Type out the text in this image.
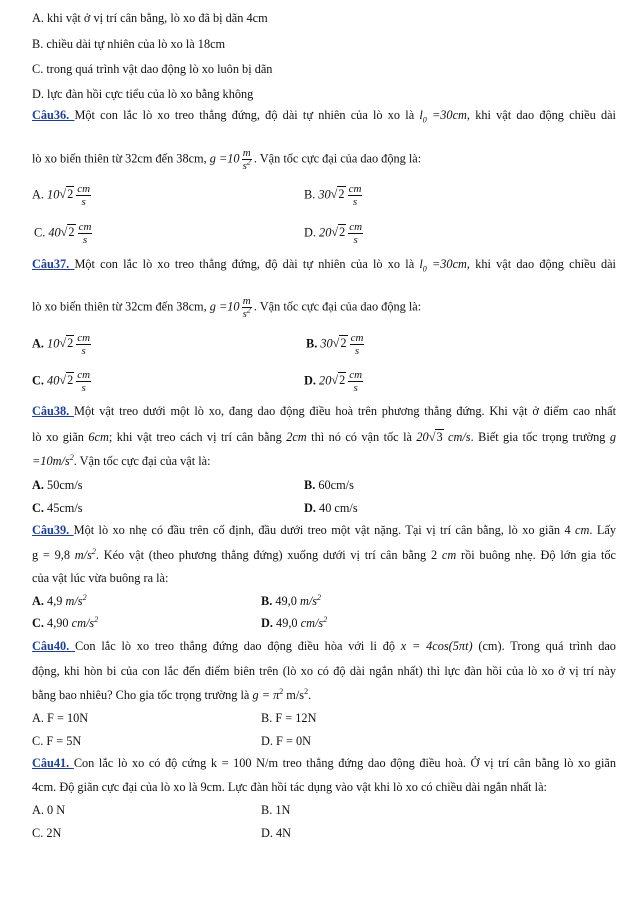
A. khi vật ở vị trí cân bằng, lò xo đã bị dãn 4cm
B. chiều dài tự nhiên của lò xo là 18cm
C. trong quá trình vật dao động lò xo luôn bị dãn
D. lực đàn hồi cực tiểu của lò xo bằng không
Câu36. Một con lắc lò xo treo thẳng đứng, độ dài tự nhiên của lò xo là $l_0 =30cm$, khi vật dao động chiều dài
lò xo biến thiên từ 32cm đến 38cm, $g =10 \frac{m}{s^2}$ . Vận tốc cực đại của dao động là:
A. $10√2 \frac{cm}{s}$	B. $30√2 \frac{cm}{s}$
C. $40√2 \frac{cm}{s}$	D. $20√2 \frac{cm}{s}$
Câu37. Một con lắc lò xo treo thẳng đứng, độ dài tự nhiên của lò xo là $l_0 =30cm$, khi vật dao động chiều dài
lò xo biến thiên từ 32cm đến 38cm, $g =10 \frac{m}{s^2}$ . Vận tốc cực đại của dao động là:
A. $10√2 \frac{cm}{s}$	B. $30√2 \frac{cm}{s}$
C. $40√2 \frac{cm}{s}$	D. $20√2 \frac{cm}{s}$
Câu38. Một vật treo dưới một lò xo, đang dao động điều hoà trên phương thẳng đứng. Khi vật ở điểm cao nhất
lò xo giãn 6cm; khi vật treo cách vị trí cân bằng 2cm thì nó có vận tốc là 20√3 cm/s. Biết gia tốc trọng trường g
$=10m/s^2$. Vận tốc cực đại của vật là:
A. 50cm/s	B. 60cm/s
C. 45cm/s	D. 40 cm/s
Câu39. Một lò xo nhẹ có đầu trên cố định, đầu dưới treo một vật nặng. Tại vị trí cân bằng, lò xo giãn 4 cm. Lấy
g = 9,8 $m/s^2$. Kéo vật (theo phương thẳng đứng) xuống dưới vị trí cân bằng 2 cm rồi buông nhẹ. Độ lớn gia tốc
của vật lúc vừa buông ra là:
A. 4,9 $m/s^2$	B. 49,0 $m/s^2$
C. 4,90 $cm/s^2$	D. 49,0 $cm/s^2$
Câu40. Con lắc lò xo treo thẳng đứng dao động điều hòa với li độ x = 4cos(5πt) (cm). Trong quá trình dao
động, khi hòn bi của con lắc đến điểm biên trên (lò xo có độ dài ngắn nhất) thì lực đàn hồi của lò xo ở vị trí này
bằng bao nhiêu? Cho gia tốc trọng trường là $g = \pi^2$ $m/s^2$.
A. F = 10N	B. F = 12N
C. F = 5N	D. F = 0N
Câu41. Con lắc lò xo có độ cứng k = 100 N/m treo thẳng đứng dao động điều hoà. Ở vị trí cân bằng lò xo giãn
4cm. Độ giãn cực đại của lò xo là 9cm. Lực đàn hồi tác dụng vào vật khi lò xo có chiều dài ngắn nhất là:
A. 0 N	B. 1N
C. 2N	D. 4N
